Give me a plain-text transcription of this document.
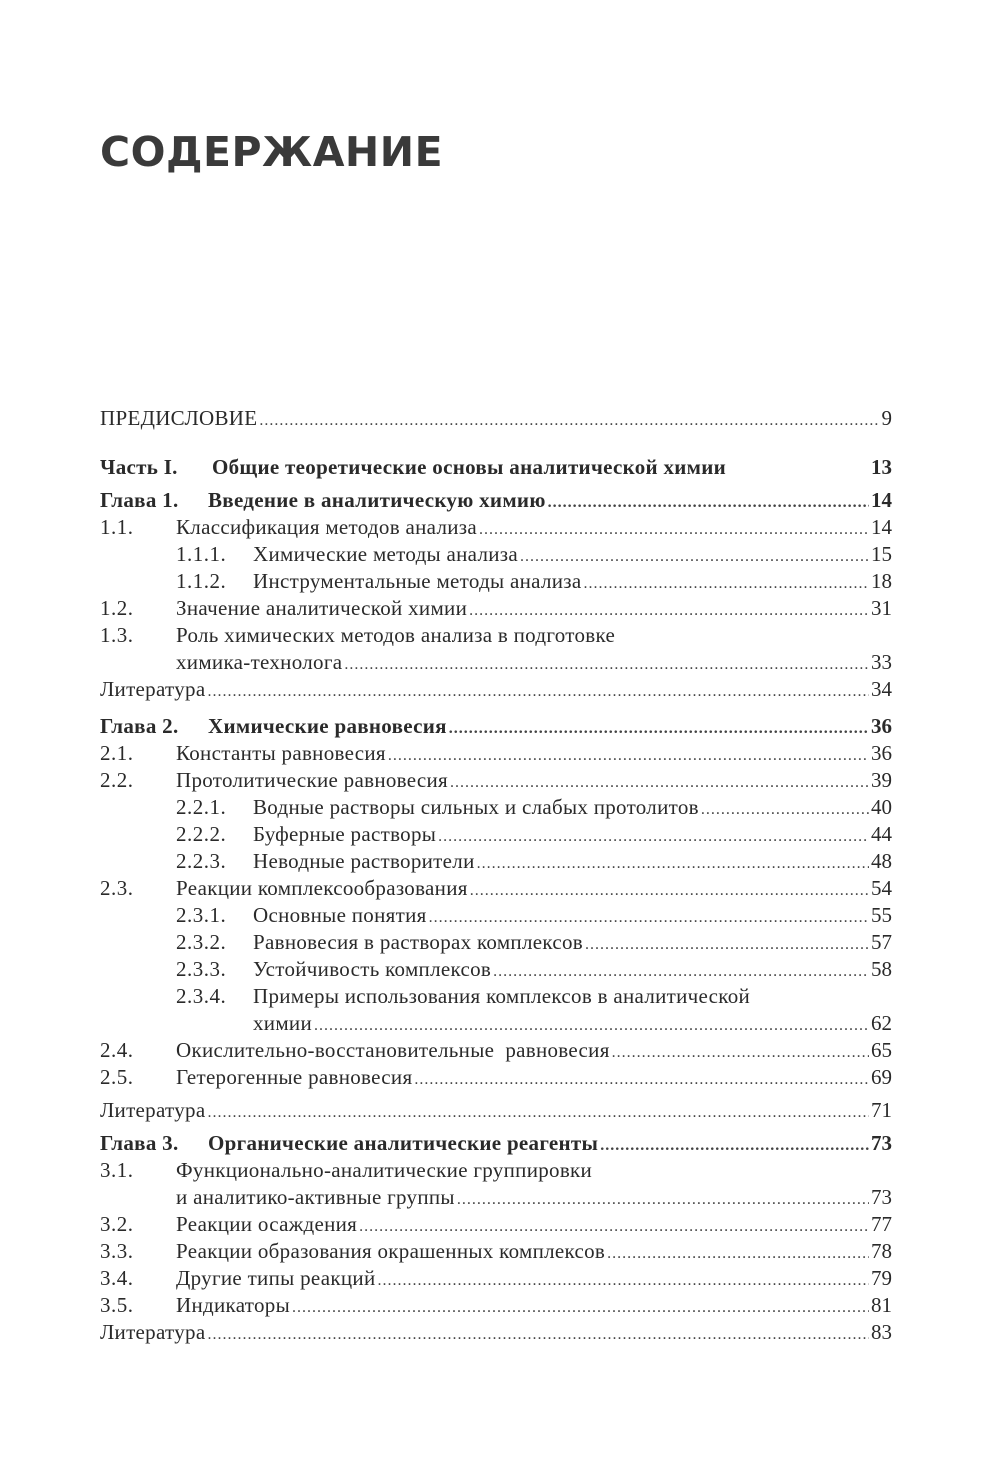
СОДЕРЖАНИЕ
ПРЕДИСЛОВИЕ .....	9
Часть I. Общие теоретические основы аналитической химии	13
Глава 1. Введение в аналитическую химию .....	14
1.1. Классификация методов анализа .....	14
1.1.1. Химические методы анализа .....	15
1.1.2. Инструментальные методы анализа .....	18
1.2. Значение аналитической химии .....	31
1.3. Роль химических методов анализа в подготовке
химика-технолога .....	33
Литература .....	34
Глава 2. Химические равновесия .....	36
2.1. Константы равновесия .....	36
2.2. Протолитические равновесия .....	39
2.2.1. Водные растворы сильных и слабых протолитов .....	40
2.2.2. Буферные растворы .....	44
2.2.3. Неводные растворители .....	48
2.3. Реакции комплексообразования .....	54
2.3.1. Основные понятия .....	55
2.3.2. Равновесия в растворах комплексов .....	57
2.3.3. Устойчивость комплексов .....	58
2.3.4. Примеры использования комплексов в аналитической
химии .....	62
2.4. Окислительно-восстановительные  равновесия .....	65
2.5. Гетерогенные равновесия .....	69
Литература .....	71
Глава 3. Органические аналитические реагенты .....	73
3.1. Функционально-аналитические группировки
и аналитико-активные группы .....	73
3.2. Реакции осаждения .....	77
3.3. Реакции образования окрашенных комплексов .....	78
3.4. Другие типы реакций .....	79
3.5. Индикаторы .....	81
Литература .....	83
